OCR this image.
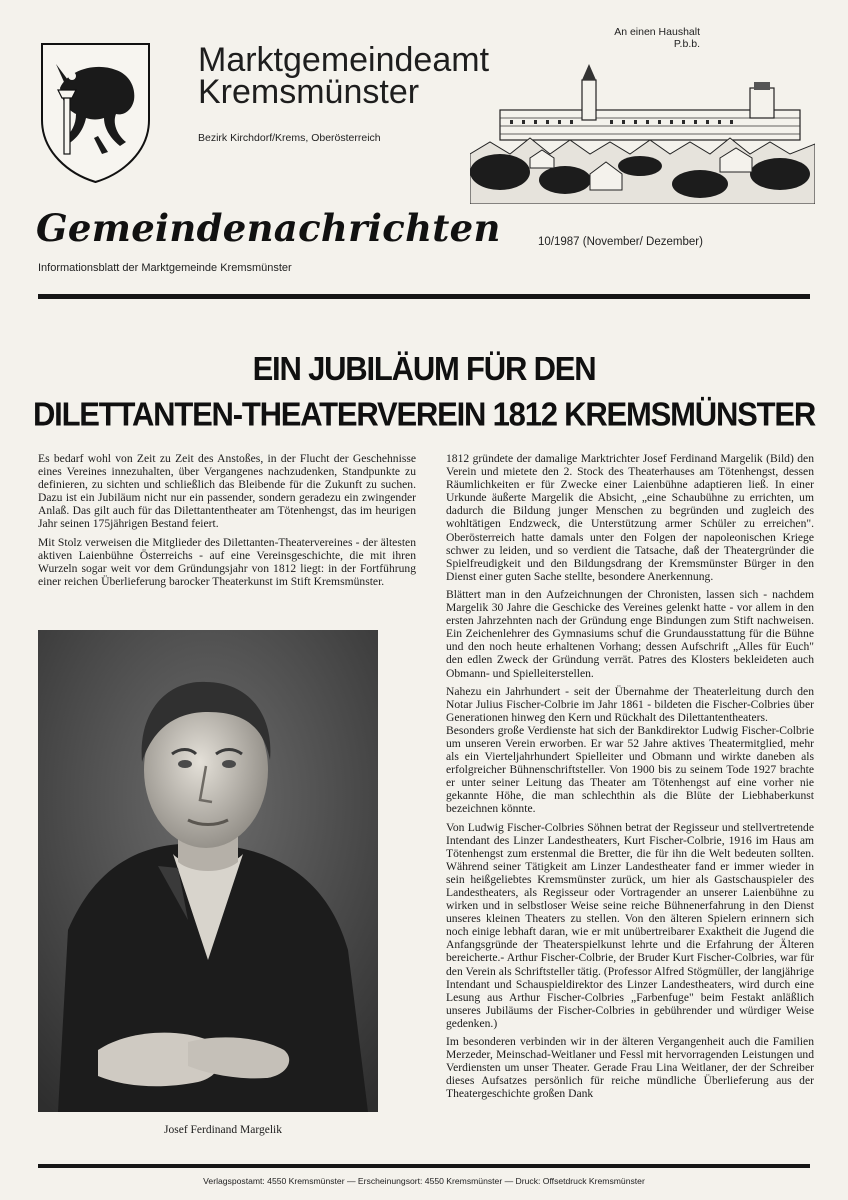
Marktgemeindeamt
Kremsmünster
Bezirk Kirchdorf/Krems, Oberösterreich
An einen Haushalt
P.b.b.
Gemeindenachrichten	10/1987 (November/ Dezember)
Informationsblatt der Marktgemeinde Kremsmünster
EIN JUBILÄUM FÜR DEN
DILETTANTEN-THEATERVEREIN 1812 KREMSMÜNSTER

Es bedarf wohl von Zeit zu Zeit des Anstoßes, in der Flucht der Geschehnisse eines Vereines innezuhalten, über Vergangenes nachzudenken, Standpunkte zu definieren, zu sichten und schließlich das Bleibende für die Zukunft zu suchen. Dazu ist ein Jubiläum nicht nur ein passender, sondern geradezu ein zwingender Anlaß. Das gilt auch für das Dilettantentheater am Tötenhengst, das im heurigen Jahr seinen 175jährigen Bestand feiert.

Mit Stolz verweisen die Mitglieder des Dilettanten-Theatervereines - der ältesten aktiven Laienbühne Österreichs - auf eine Vereinsgeschichte, die mit ihren Wurzeln sogar weit vor dem Gründungsjahr von 1812 liegt: in der Fortführung einer reichen Überlieferung barocker Theaterkunst im Stift Kremsmünster.

Josef Ferdinand Margelik

1812 gründete der damalige Marktrichter Josef Ferdinand Margelik (Bild) den Verein und mietete den 2. Stock des Theaterhauses am Tötenhengst, dessen Räumlichkeiten er für Zwecke einer Laienbühne adaptieren ließ. In einer Urkunde äußerte Margelik die Absicht, „eine Schaubühne zu errichten, um dadurch die Bildung junger Menschen zu begründen und zugleich des wohltätigen Endzweck, die Unterstützung armer Schüler zu erreichen". Oberösterreich hatte damals unter den Folgen der napoleonischen Kriege schwer zu leiden, und so verdient die Tatsache, daß der Theatergründer die Spielfreudigkeit und den Bildungsdrang der Kremsmünster Bürger in den Dienst einer guten Sache stellte, besondere Anerkennung.

Blättert man in den Aufzeichnungen der Chronisten, lassen sich - nachdem Margelik 30 Jahre die Geschicke des Vereines gelenkt hatte - vor allem in den ersten Jahrzehnten nach der Gründung enge Bindungen zum Stift nachweisen. Ein Zeichenlehrer des Gymnasiums schuf die Grundausstattung für die Bühne und den noch heute erhaltenen Vorhang; dessen Aufschrift „Alles für Euch" den edlen Zweck der Gründung verrät. Patres des Klosters bekleideten auch Obmann- und Spielleiterstellen.

Nahezu ein Jahrhundert - seit der Übernahme der Theaterleitung durch den Notar Julius Fischer-Colbrie im Jahr 1861 - bildeten die Fischer-Colbries über Generationen hinweg den Kern und Rückhalt des Dilettantentheaters.

Besonders große Verdienste hat sich der Bankdirektor Ludwig Fischer-Colbrie um unseren Verein erworben. Er war 52 Jahre aktives Theatermitglied, mehr als ein Vierteljahrhundert Spielleiter und Obmann und wirkte daneben als erfolgreicher Bühnenschriftsteller. Von 1900 bis zu seinem Tode 1927 brachte er unter seiner Leitung das Theater am Tötenhengst auf eine vorher nie gekannte Höhe, die man schlechthin als die Blüte der Liebhaberkunst bezeichnen könnte.

Von Ludwig Fischer-Colbries Söhnen betrat der Regisseur und stellvertretende Intendant des Linzer Landestheaters, Kurt Fischer-Colbrie, 1916 im Haus am Tötenhengst zum erstenmal die Bretter, die für ihn die Welt bedeuten sollten. Während seiner Tätigkeit am Linzer Landestheater fand er immer wieder in sein heißgeliebtes Kremsmünster zurück, um hier als Gastschauspieler des Landestheaters, als Regisseur oder Vortragender an unserer Laienbühne zu wirken und in selbstloser Weise seine reiche Bühnenerfahrung in den Dienst unseres kleinen Theaters zu stellen. Von den älteren Spielern erinnern sich noch einige lebhaft daran, wie er mit unübertreibarer Exaktheit die Jugend die Anfangsgründe der Theaterspielkunst lehrte und die Erfahrung der Älteren bereicherte.- Arthur Fischer-Colbrie, der Bruder Kurt Fischer-Colbries, war für den Verein als Schriftsteller tätig. (Professor Alfred Stögmüller, der langjährige Intendant und Schauspieldirektor des Linzer Landestheaters, wird durch eine Lesung aus Arthur Fischer-Colbries „Farbenfuge" beim Festakt anläßlich unseres Jubiläums der Fischer-Colbries in gebührender und würdiger Weise gedenken.)

Im besonderen verbinden wir in der älteren Vergangenheit auch die Familien Merzeder, Meinschad-Weitlaner und Fessl mit hervorragenden Leistungen und Verdiensten um unser Theater. Gerade Frau Lina Weitlaner, der der Schreiber dieses Aufsatzes persönlich für reiche mündliche Überlieferung aus der Theatergeschichte großen Dank

Verlagspostamt: 4550 Kremsmünster — Erscheinungsort: 4550 Kremsmünster — Druck: Offsetdruck Kremsmünster
